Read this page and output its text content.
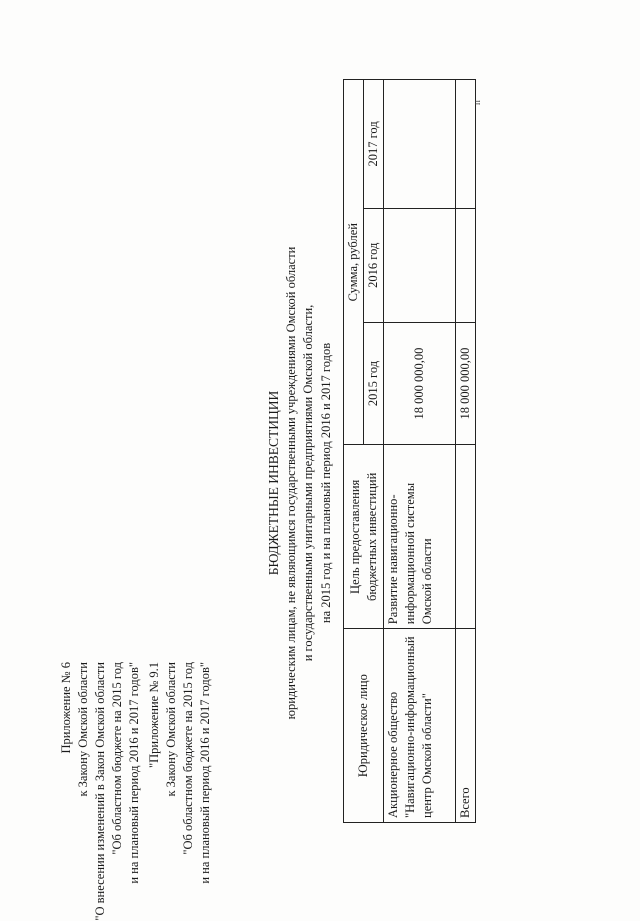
Приложение № 6 к Закону Омской области "О внесении изменений в Закон Омской области "Об областном бюджете на 2015 год и на плановый период 2016 и 2017 годов" "Приложение № 9.1 к Закону Омской области "Об областном бюджете на 2015 год и на плановый период 2016 и 2017 годов"
БЮДЖЕТНЫЕ ИНВЕСТИЦИИ юридическим лицам, не являющимся государственными учреждениями Омской области и государственными унитарными предприятиями Омской области, на 2015 год и на плановый период 2016 и 2017 годов
Юридическое лицо	Цель предоставления бюджетных инвестиций	Сумма, рублей		
		2015 год	2016 год	2017 год
Акционерное общество "Навигационно-информационный центр Омской области"	Развитие навигационно-информационной системы Омской области	18 000 000,00		
Всего		18 000 000,00		
п
